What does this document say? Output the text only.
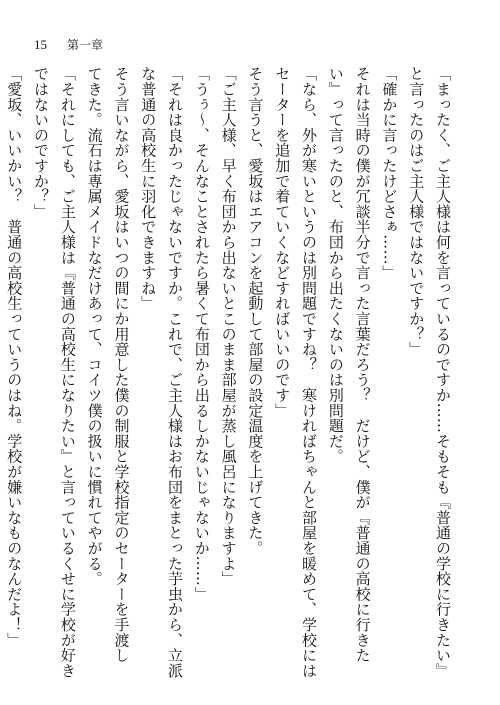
15 第一章
「まったく、ご主人様は何を言っているのですか……そもそも『普通の学校に行きたい』
と言ったのはご主人様ではないですか？」
「確かに言ったけどさぁ……」
それは当時の僕が冗談半分で言った言葉だろう？　だけど、僕が『普通の高校に行きた
い』って言ったのと、布団から出たくないのは別問題だ。
「なら、外が寒いというのは別問題ですね？　寒ければちゃんと部屋を暖めて、学校には
セーターを追加で着ていくなどすればいいのです」
そう言うと、愛坂はエアコンを起動して部屋の設定温度を上げてきた。
「ご主人様、早く布団から出ないとこのまま部屋が蒸し風呂になりますよ」
「うぅ～、そんなことされたら暑くて布団から出るしかないじゃないか……」
「それは良かったじゃないですか。これで、ご主人様はお布団をまとった芋虫から、立派
な普通の高校生に羽化できますね」
そう言いながら、愛坂はいつの間にか用意した僕の制服と学校指定のセーターを手渡し
てきた。流石は専属メイドなだけあって、コイツ僕の扱いに慣れてやがる。
「それにしても、ご主人様は『普通の高校生になりたい』と言っているくせに学校が好き
ではないのですか？」
「愛坂、いいかい？　普通の高校生っていうのはね。学校が嫌いなものなんだよ！」
